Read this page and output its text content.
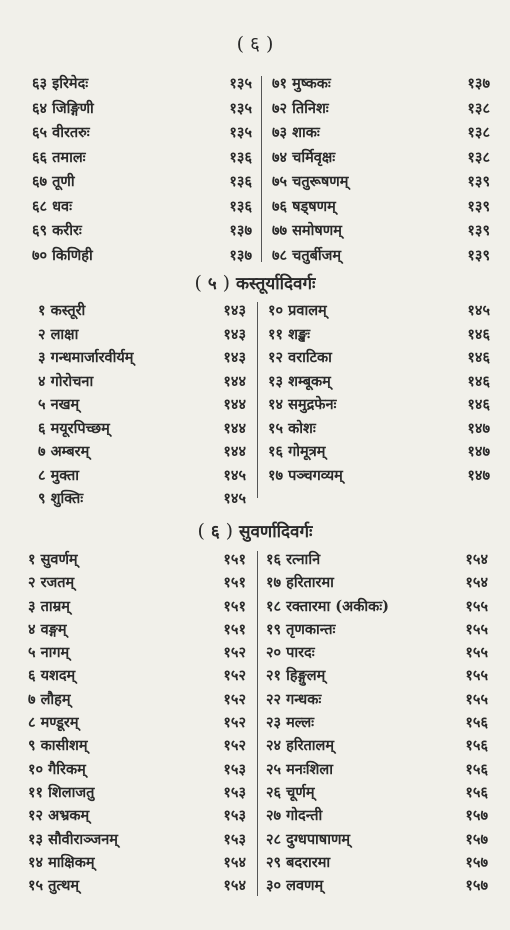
( ६ )
६३ इरिमेदः	१३५
६४ जिङ्गिणी	१३५
६५ वीरतरुः	१३५
६६ तमालः	१३६
६७ तूणी	१३६
६८ धवः	१३६
६९ करीरः	१३७
७० किणिही	१३७
७१ मुष्ककः	१३७
७२ तिनिशः	१३८
७३ शाकः	१३८
७४ चर्मिवृक्षः	१३८
७५ चतुरूषणम्	१३९
७६ षड्षणम्	१३९
७७ समोषणम्	१३९
७८ चतुर्बीजम्	१३९
( ५ ) कस्तूर्यादिवर्गः
१ कस्तूरी	१४३
२ लाक्षा	१४३
३ गन्धमार्जारवीर्यम्	१४३
४ गोरोचना	१४४
५ नखम्	१४४
६ मयूरपिच्छम्	१४४
७ अम्बरम्	१४४
८ मुक्ता	१४५
९ शुक्तिः	१४५
१० प्रवालम्	१४५
११ शङ्खः	१४६
१२ वराटिका	१४६
१३ शम्बूकम्	१४६
१४ समुद्रफेनः	१४६
१५ कोशः	१४७
१६ गोमूत्रम्	१४७
१७ पञ्चगव्यम्	१४७
( ६ ) सुवर्णादिवर्गः
१ सुवर्णम्	१५१
२ रजतम्	१५१
३ ताम्रम्	१५१
४ वङ्गम्	१५१
५ नागम्	१५२
६ यशदम्	१५२
७ लौहम्	१५२
८ मण्डूरम्	१५२
९ कासीशम्	१५२
१० गैरिकम्	१५३
११ शिलाजतु	१५३
१२ अभ्रकम्	१५३
१३ सौवीराञ्जनम्	१५३
१४ माक्षिकम्	१५४
१५ तुत्थम्	१५४
१६ रत्नानि	१५४
१७ हरितारमा	१५४
१८ रक्तारमा (अकीकः)	१५५
१९ तृणकान्तः	१५५
२० पारदः	१५५
२१ हिङ्गुलम्	१५५
२२ गन्धकः	१५५
२३ मल्लः	१५६
२४ हरितालम्	१५६
२५ मनःशिला	१५६
२६ चूर्णम्	१५६
२७ गोदन्ती	१५७
२८ दुग्धपाषाणम्	१५७
२९ बदरारमा	१५७
३० लवणम्	१५७
